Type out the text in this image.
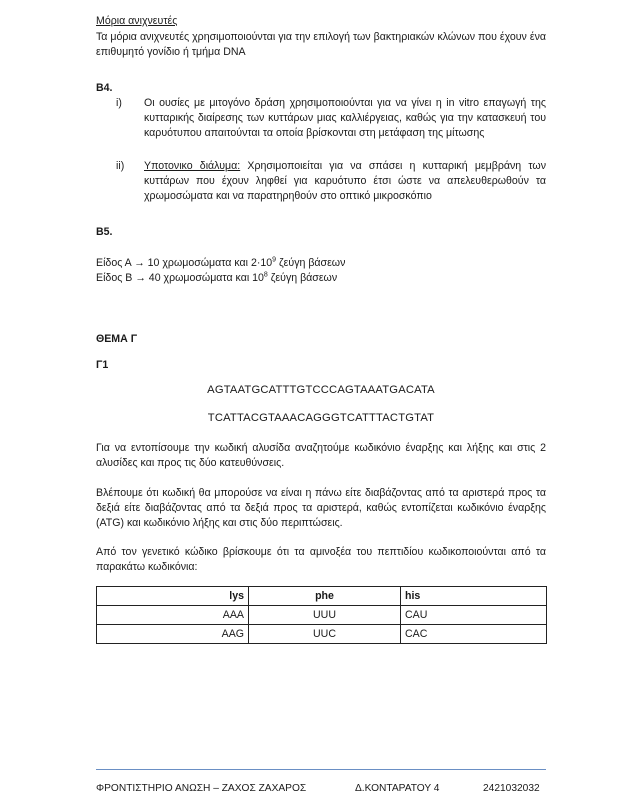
Μόρια ανιχνευτές
Τα μόρια ανιχνευτές χρησιμοποιούνται για την επιλογή των βακτηριακών κλώνων που έχουν ένα επιθυμητό γονίδιο ή τμήμα DNA
Β4.
i) Οι ουσίες με μιτογόνο δράση χρησιμοποιούνται για να γίνει η in vitro επαγωγή της κυτταρικής διαίρεσης των κυττάρων μιας καλλιέργειας, καθώς για την κατασκευή του καρυότυπου απαιτούνται τα οποία βρίσκονται στη μετάφαση της μίτωσης
ii) Υποτονικο διάλυμα: Χρησιμοποιείται για να σπάσει η κυτταρική μεμβράνη των κυττάρων που έχουν ληφθεί για καρυότυπο έτσι ώστε να απελευθερωθούν τα χρωμοσώματα και να παρατηρηθούν στο οπτικό μικροσκόπιο
Β5.
Είδος Α → 10 χρωμοσώματα και $2\cdot 10^9$ ζεύγη βάσεων
Είδος Β → 40 χρωμοσώματα και $10^8$ ζεύγη βάσεων
ΘΕΜΑ Γ
Γ1
AGTAATGCATTTGTCCCAGTAAATGACATA
TCATTACGTAAACAGGGTCATTTACTGTAT
Για να εντοπίσουμε την κωδική αλυσίδα αναζητούμε κωδικόνιο έναρξης και λήξης και στις 2 αλυσίδες και προς τις δύο κατευθύνσεις.
Βλέπουμε ότι κωδική θα μπορούσε να είναι η πάνω είτε διαβάζοντας από τα αριστερά προς τα δεξιά είτε διαβάζοντας από τα δεξιά προς τα αριστερά, καθώς εντοπίζεται κωδικόνιο έναρξης (ATG) και κωδικόνιο λήξης και στις δύο περιπτώσεις.
Από τον γενετικό κώδικο βρίσκουμε ότι τα αμινοξέα του πεπτιδίου κωδικοποιούνται από τα παρακάτω κωδικόνια:
lys	phe	his
AAA	UUU	CAU
AAG	UUC	CAC
ΦΡΟΝΤΙΣΤΗΡΙΟ ΑΝΩΣΗ – ΖΑΧΟΣ ΖΑΧΑΡΟΣ	Δ.ΚΟΝΤΑΡΑΤΟΥ 4	2421032032
